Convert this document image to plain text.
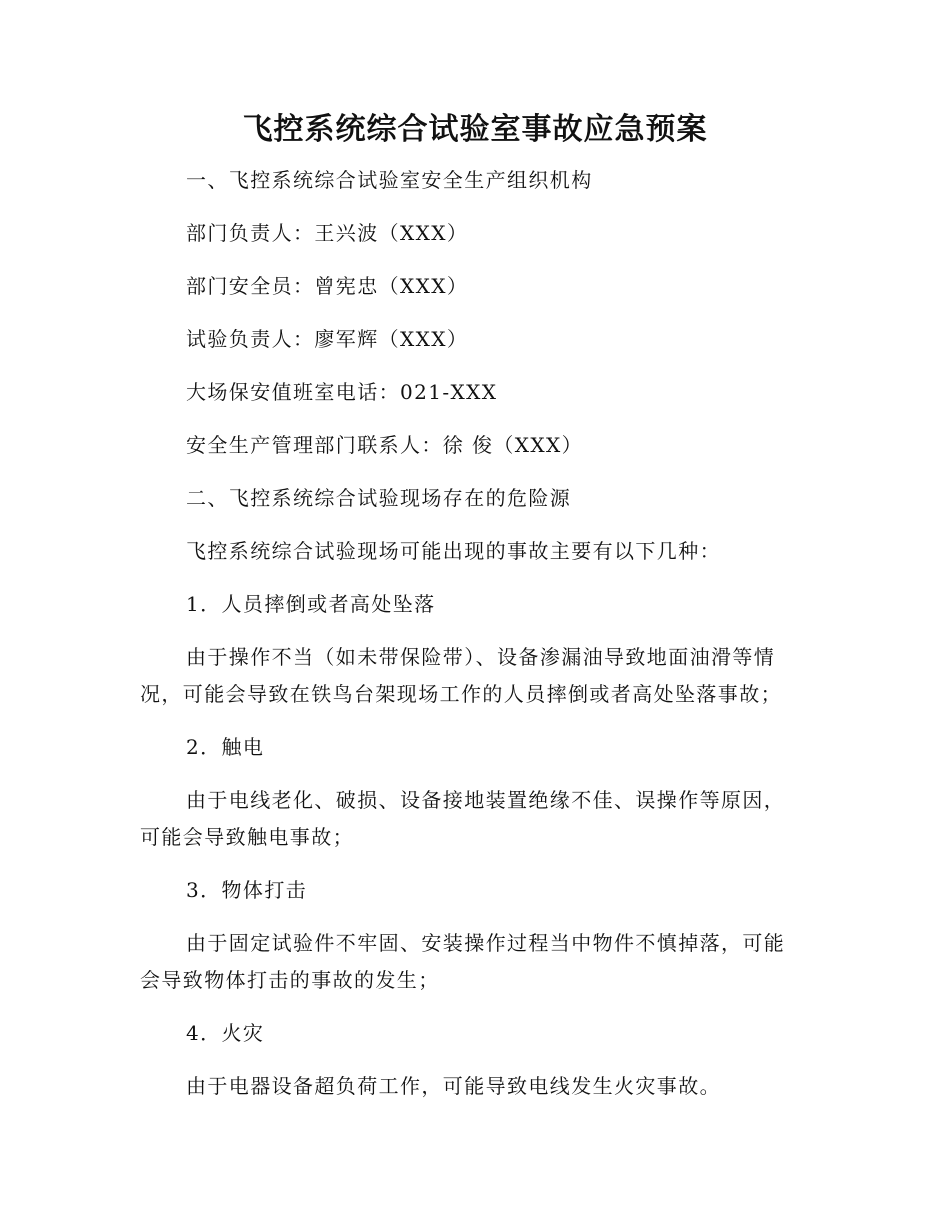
飞控系统综合试验室事故应急预案

一、飞控系统综合试验室安全生产组织机构

部门负责人：王兴波（XXX）

部门安全员：曾宪忠（XXX）

试验负责人：廖军辉（XXX）

大场保安值班室电话：021-XXX

安全生产管理部门联系人：徐 俊（XXX）

二、飞控系统综合试验现场存在的危险源

飞控系统综合试验现场可能出现的事故主要有以下几种：

1．人员摔倒或者高处坠落

由于操作不当（如未带保险带）、设备渗漏油导致地面油滑等情况，可能会导致在铁鸟台架现场工作的人员摔倒或者高处坠落事故；

2．触电

由于电线老化、破损、设备接地装置绝缘不佳、误操作等原因，可能会导致触电事故；

3．物体打击

由于固定试验件不牢固、安装操作过程当中物件不慎掉落，可能会导致物体打击的事故的发生；

4．火灾

由于电器设备超负荷工作，可能导致电线发生火灾事故。
